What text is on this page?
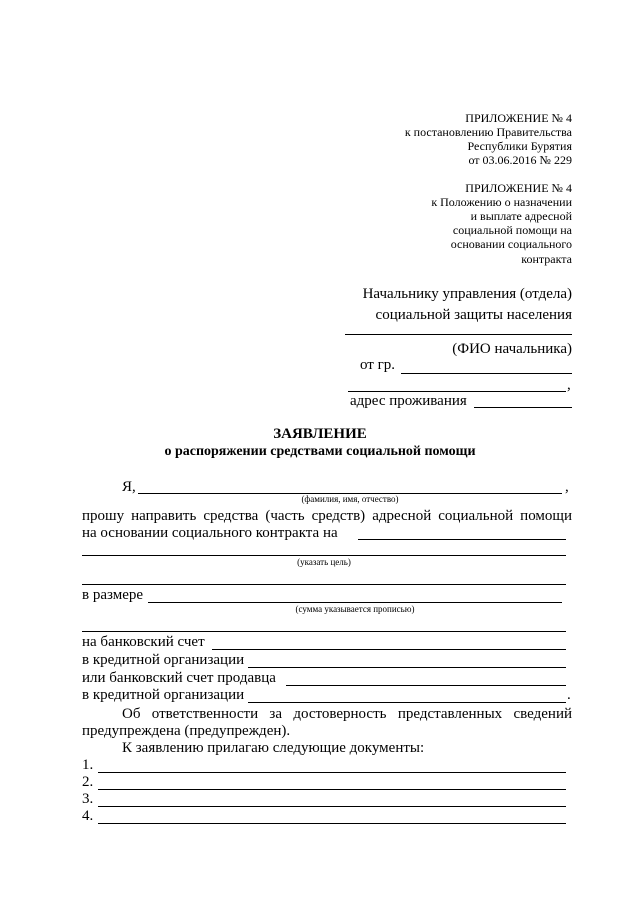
ПРИЛОЖЕНИЕ № 4
к постановлению Правительства
Республики Бурятия
от 03.06.2016 № 229
ПРИЛОЖЕНИЕ № 4
к Положению о назначении
и выплате адресной
социальной помощи на
основании социального
контракта
Начальнику управления (отдела)
социальной защиты населения
(ФИО начальника)
от гр.
,
адрес проживания
ЗАЯВЛЕНИЕ
о распоряжении средствами социальной помощи
Я,	,
(фамилия, имя, отчество)
прошу направить средства (часть средств) адресной социальной помощи
на основании социального контракта на
(указать цель)
в размере
(сумма указывается прописью)
на банковский счет
в кредитной организации
или банковский счет продавца
в кредитной организации	.
Об ответственности за достоверность представленных сведений
предупреждена (предупрежден).
К заявлению прилагаю следующие документы:
1.
2.
3.
4.
